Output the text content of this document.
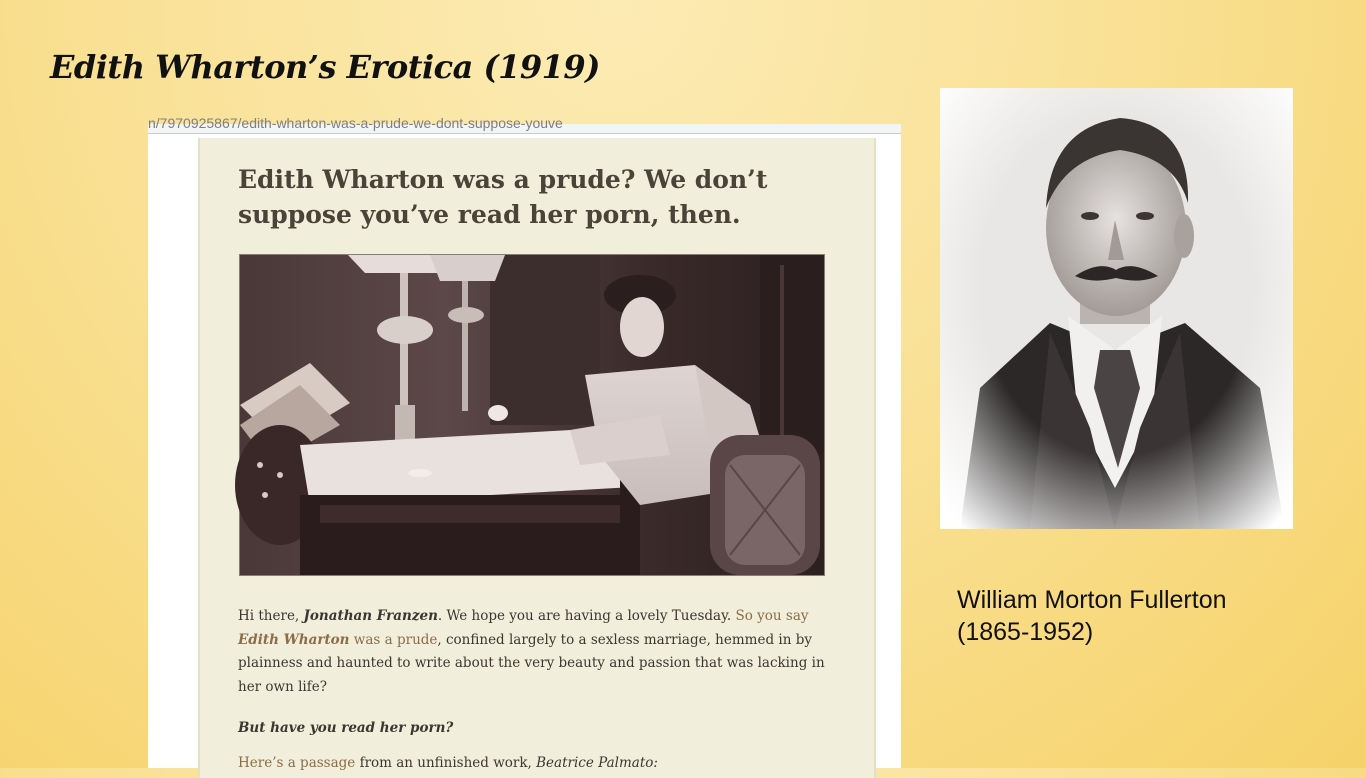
Edith Wharton’s Erotica (1919)
n/7970925867/edith-wharton-was-a-prude-we-dont-suppose-youve
Edith Wharton was a prude? We don’t
suppose you’ve read her porn, then.

Hi there, Jonathan Franzen. We hope you are having a lovely Tuesday. So you say Edith Wharton was a prude, confined largely to a sexless marriage, hemmed in by plainness and haunted to write about the very beauty and passion that was lacking in her own life?

But have you read her porn?

Here’s a passage from an unfinished work, Beatrice Palmato:

William Morton Fullerton
(1865-1952)
